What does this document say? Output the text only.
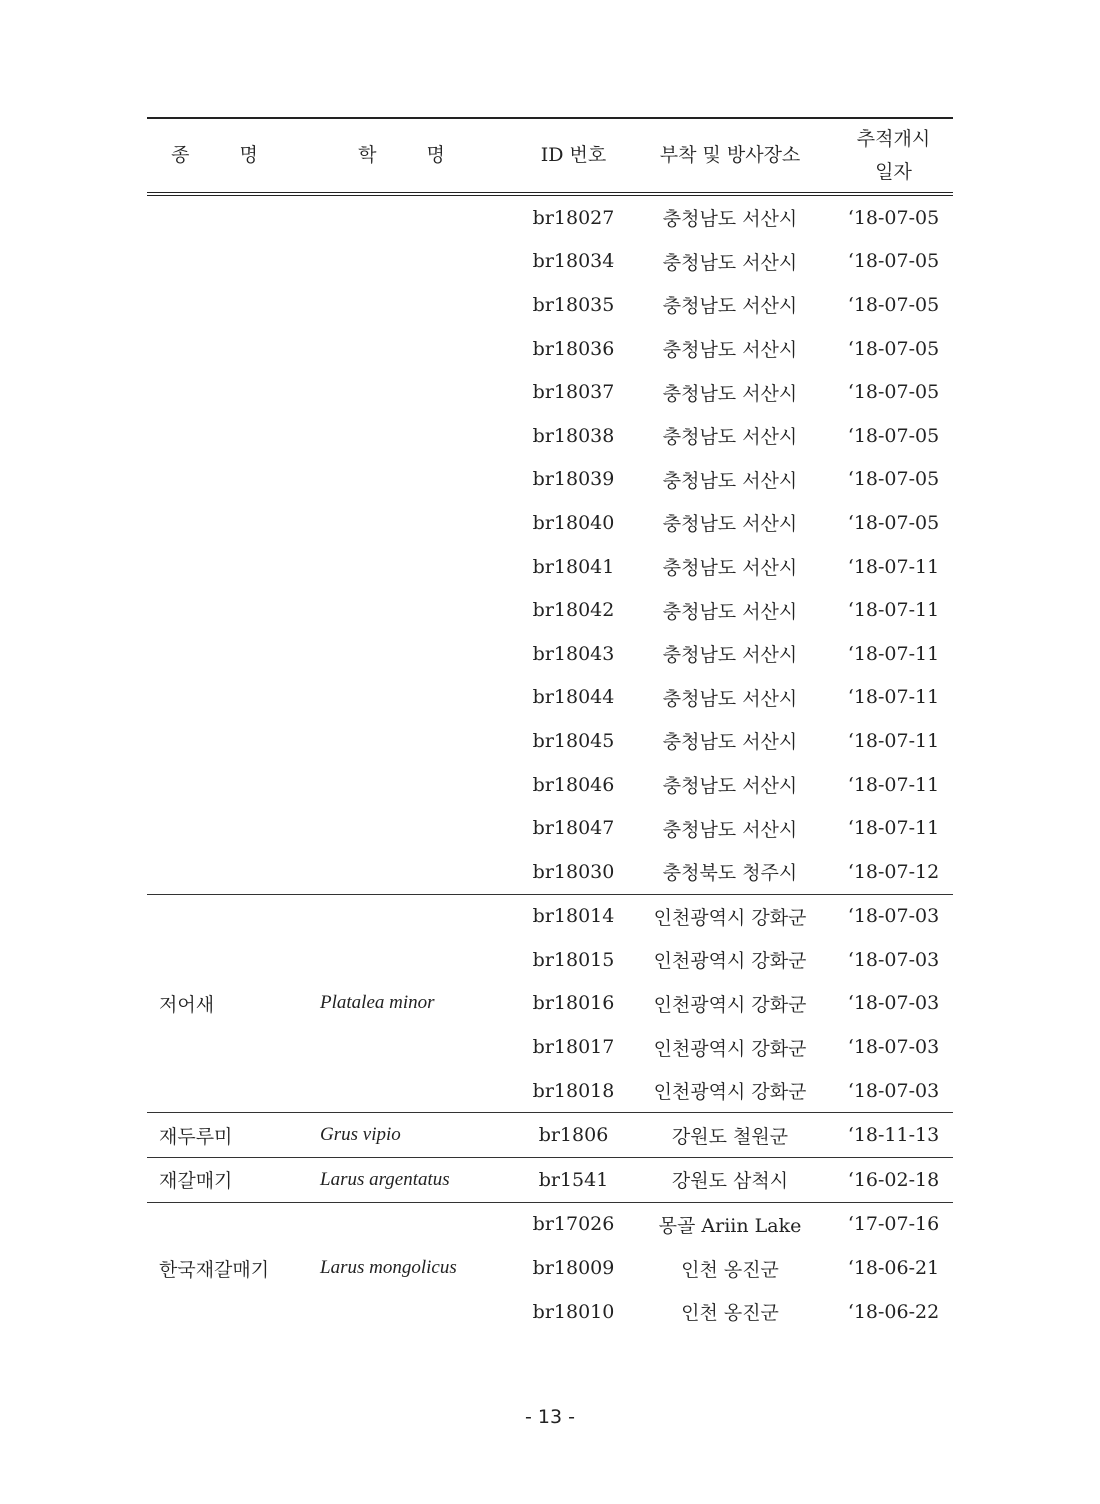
종 명	학 명	ID 번호	부착 및 방사장소	추적개시
일자
		br18027	충청남도 서산시	‘18-07-05
		br18034	충청남도 서산시	‘18-07-05
		br18035	충청남도 서산시	‘18-07-05
		br18036	충청남도 서산시	‘18-07-05
		br18037	충청남도 서산시	‘18-07-05
		br18038	충청남도 서산시	‘18-07-05
		br18039	충청남도 서산시	‘18-07-05
		br18040	충청남도 서산시	‘18-07-05
		br18041	충청남도 서산시	‘18-07-11
		br18042	충청남도 서산시	‘18-07-11
		br18043	충청남도 서산시	‘18-07-11
		br18044	충청남도 서산시	‘18-07-11
		br18045	충청남도 서산시	‘18-07-11
		br18046	충청남도 서산시	‘18-07-11
		br18047	충청남도 서산시	‘18-07-11
		br18030	충청북도 청주시	‘18-07-12
저어새	Platalea minor	br18014	인천광역시 강화군	‘18-07-03
		br18015	인천광역시 강화군	‘18-07-03
		br18016	인천광역시 강화군	‘18-07-03
		br18017	인천광역시 강화군	‘18-07-03
		br18018	인천광역시 강화군	‘18-07-03
재두루미	Grus vipio	br1806	강원도 철원군	‘18-11-13
재갈매기	Larus argentatus	br1541	강원도 삼척시	‘16-02-18
한국재갈매기	Larus mongolicus	br17026	몽골 Ariin Lake	‘17-07-16
		br18009	인천 옹진군	‘18-06-21
		br18010	인천 옹진군	‘18-06-22
- 13 -
